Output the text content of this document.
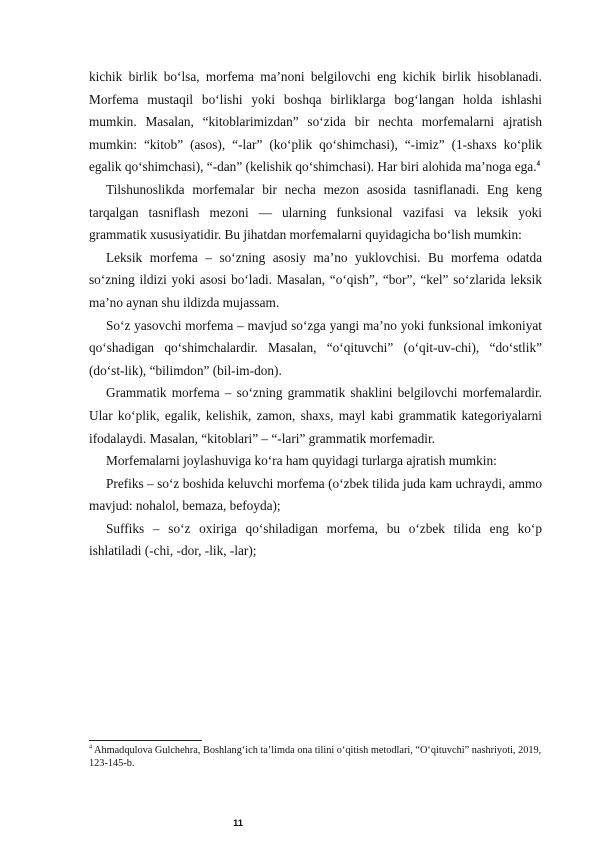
kichik birlik bo‘lsa, morfema ma’noni belgilovchi eng kichik birlik hisoblanadi. Morfema mustaqil bo‘lishi yoki boshqa birliklarga bog‘langan holda ishlashi mumkin. Masalan, “kitoblarimizdan” so‘zida bir nechta morfemalarni ajratish mumkin: “kitob” (asos), “-lar” (ko‘plik qo‘shimchasi), “-imiz” (1-shaxs ko‘plik egalik qo‘shimchasi), “-dan” (kelishik qo‘shimchasi). Har biri alohida ma’noga ega.$^4$

Tilshunoslikda morfemalar bir necha mezon asosida tasniflanadi. Eng keng tarqalgan tasniflash mezoni — ularning funksional vazifasi va leksik yoki grammatik xususiyatidir. Bu jihatdan morfemalarni quyidagicha bo‘lish mumkin:

Leksik morfema – so‘zning asosiy ma’no yuklovchisi. Bu morfema odatda so‘zning ildizi yoki asosi bo‘ladi. Masalan, “o‘qish”, “bor”, “kel” so‘zlarida leksik ma’no aynan shu ildizda mujassam.

So‘z yasovchi morfema – mavjud so‘zga yangi ma’no yoki funksional imkoniyat qo‘shadigan qo‘shimchalardir. Masalan, “o‘qituvchi” (o‘qit-uv-chi), “do‘stlik” (do‘st-lik), “bilimdon” (bil-im-don).

Grammatik morfema – so‘zning grammatik shaklini belgilovchi morfemalardir. Ular ko‘plik, egalik, kelishik, zamon, shaxs, mayl kabi grammatik kategoriyalarni ifodalaydi. Masalan, “kitoblari” – “-lari” grammatik morfemadir.

Morfemalarni joylashuviga ko‘ra ham quyidagi turlarga ajratish mumkin:

Prefiks – so‘z boshida keluvchi morfema (o‘zbek tilida juda kam uchraydi, ammo mavjud: nohalol, bemaza, befoyda);

Suffiks – so‘z oxiriga qo‘shiladigan morfema, bu o‘zbek tilida eng ko‘p ishlatiladi (-chi, -dor, -lik, -lar);

$^4$ Ahmadqulova Gulchehra, Boshlang‘ich ta’limda ona tilini o‘qitish metodlari, “O‘qituvchi” nashriyoti, 2019, 123-145-b.

11
